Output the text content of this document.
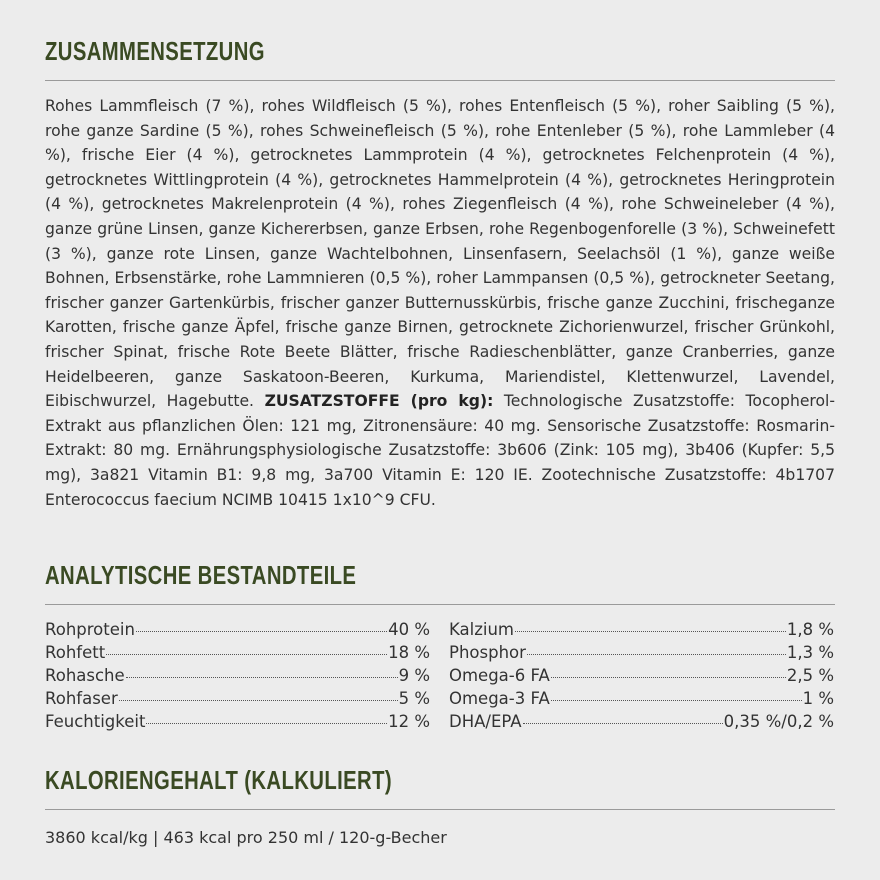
ZUSAMMENSETZUNG
Rohes Lammfleisch (7 %), rohes Wildfleisch (5 %), rohes Entenfleisch (5 %), roher Saibling (5 %), rohe ganze Sardine (5 %), rohes Schweinefleisch (5 %), rohe Entenleber (5 %), rohe Lammleber (4 %), frische Eier (4 %), getrocknetes Lammprotein (4 %), getrocknetes Felchenprotein (4 %), getrocknetes Wittlingprotein (4 %), getrocknetes Hammelprotein (4 %), getrocknetes Heringprotein (4 %), getrocknetes Makrelenprotein (4 %), rohes Ziegenfleisch (4 %), rohe Schweineleber (4 %), ganze grüne Linsen, ganze Kichererbsen, ganze Erbsen, rohe Regenbogenforelle (3 %), Schweinefett (3 %), ganze rote Linsen, ganze Wachtelbohnen, Linsenfasern, Seelachsöl (1 %), ganze weiße Bohnen, Erbsenstärke, rohe Lammnieren (0,5 %), roher Lammpansen (0,5 %), getrockneter Seetang, frischer ganzer Gartenkürbis, frischer ganzer Butternusskürbis, frische ganze Zucchini, frischeganze Karotten, frische ganze Äpfel, frische ganze Birnen, getrocknete Zichorienwurzel, frischer Grünkohl, frischer Spinat, frische Rote Beete Blätter, frische Radieschenblätter, ganze Cranberries, ganze Heidelbeeren, ganze Saskatoon-Beeren, Kurkuma, Mariendistel, Klettenwurzel, Lavendel, Eibischwurzel, Hagebutte. ZUSATZSTOFFE (pro kg): Technologische Zusatzstoffe: Tocopherol-Extrakt aus pflanzlichen Ölen: 121 mg, Zitronensäure: 40 mg. Sensorische Zusatzstoffe: Rosmarin-Extrakt: 80 mg. Ernährungsphysiologische Zusatzstoffe: 3b606 (Zink: 105 mg), 3b406 (Kupfer: 5,5 mg), 3a821 Vitamin B1: 9,8 mg, 3a700 Vitamin E: 120 IE. Zootechnische Zusatzstoffe: 4b1707 Enterococcus faecium NCIMB 10415 1x10^9 CFU.
ANALYTISCHE BESTANDTEILE
Rohprotein	40 %
Rohfett	18 %
Rohasche	9 %
Rohfaser	5 %
Feuchtigkeit	12 %
Kalzium	1,8 %
Phosphor	1,3 %
Omega-6 FA	2,5 %
Omega-3 FA	1 %
DHA/EPA	0,35 %/0,2 %
KALORIENGEHALT (KALKULIERT)
3860 kcal/kg | 463 kcal pro 250 ml / 120-g-Becher
